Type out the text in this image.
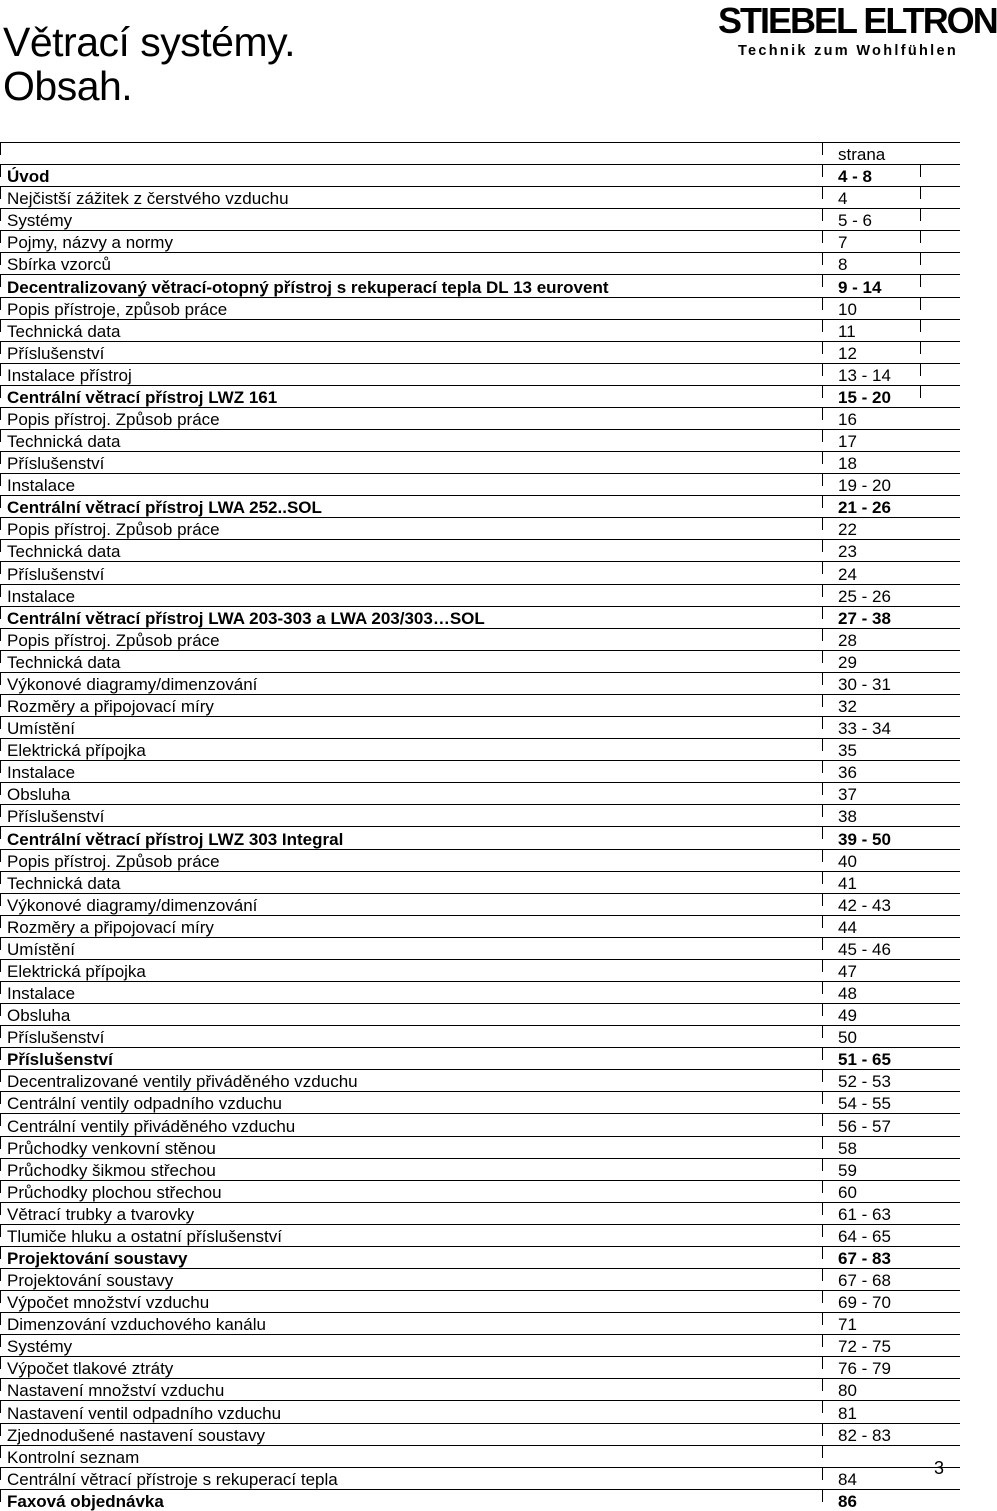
Větrací systémy.
Obsah.
STIEBEL ELTRON
Technik zum Wohlfühlen
strana
Úvod	4 - 8
Nejčistší zážitek z čerstvého vzduchu	4
Systémy	5 - 6
Pojmy, názvy a normy	7
Sbírka vzorců	8
Decentralizovaný větrací-otopný přístroj s rekuperací tepla DL 13 eurovent	9 - 14
Popis přístroje, způsob práce	10
Technická data	11
Příslušenství	12
Instalace přístroj	13 - 14
Centrální větrací přístroj LWZ 161	15 - 20
Popis přístroj. Způsob práce	16
Technická data	17
Příslušenství	18
Instalace	19 - 20
Centrální větrací přístroj LWA 252..SOL	21 - 26
Popis přístroj. Způsob práce	22
Technická data	23
Příslušenství	24
Instalace	25 - 26
Centrální větrací přístroj LWA 203-303 a LWA 203/303…SOL	27 - 38
Popis přístroj. Způsob práce	28
Technická data	29
Výkonové diagramy/dimenzování	30 - 31
Rozměry a připojovací míry	32
Umístění	33 - 34
Elektrická přípojka	35
Instalace	36
Obsluha	37
Příslušenství	38
Centrální větrací přístroj LWZ 303 Integral	39 - 50
Popis přístroj. Způsob práce	40
Technická data	41
Výkonové diagramy/dimenzování	42 - 43
Rozměry a připojovací míry	44
Umístění	45 - 46
Elektrická přípojka	47
Instalace	48
Obsluha	49
Příslušenství	50
Příslušenství	51 - 65
Decentralizované ventily přiváděného vzduchu	52 - 53
Centrální ventily odpadního vzduchu	54 - 55
Centrální ventily přiváděného vzduchu	56 - 57
Průchodky venkovní stěnou	58
Průchodky šikmou střechou	59
Průchodky plochou střechou	60
Větrací trubky a tvarovky	61 - 63
Tlumiče hluku a ostatní příslušenství	64 - 65
Projektování soustavy	67 - 83
Projektování soustavy	67 - 68
Výpočet množství vzduchu	69 - 70
Dimenzování vzduchového kanálu	71
Systémy	72 - 75
Výpočet tlakové ztráty	76 - 79
Nastavení množství vzduchu	80
Nastavení ventil odpadního vzduchu	81
Zjednodušené nastavení soustavy	82 - 83
Kontrolní seznam
Centrální větrací přístroje s rekuperací tepla	84
Faxová objednávka	86
3
